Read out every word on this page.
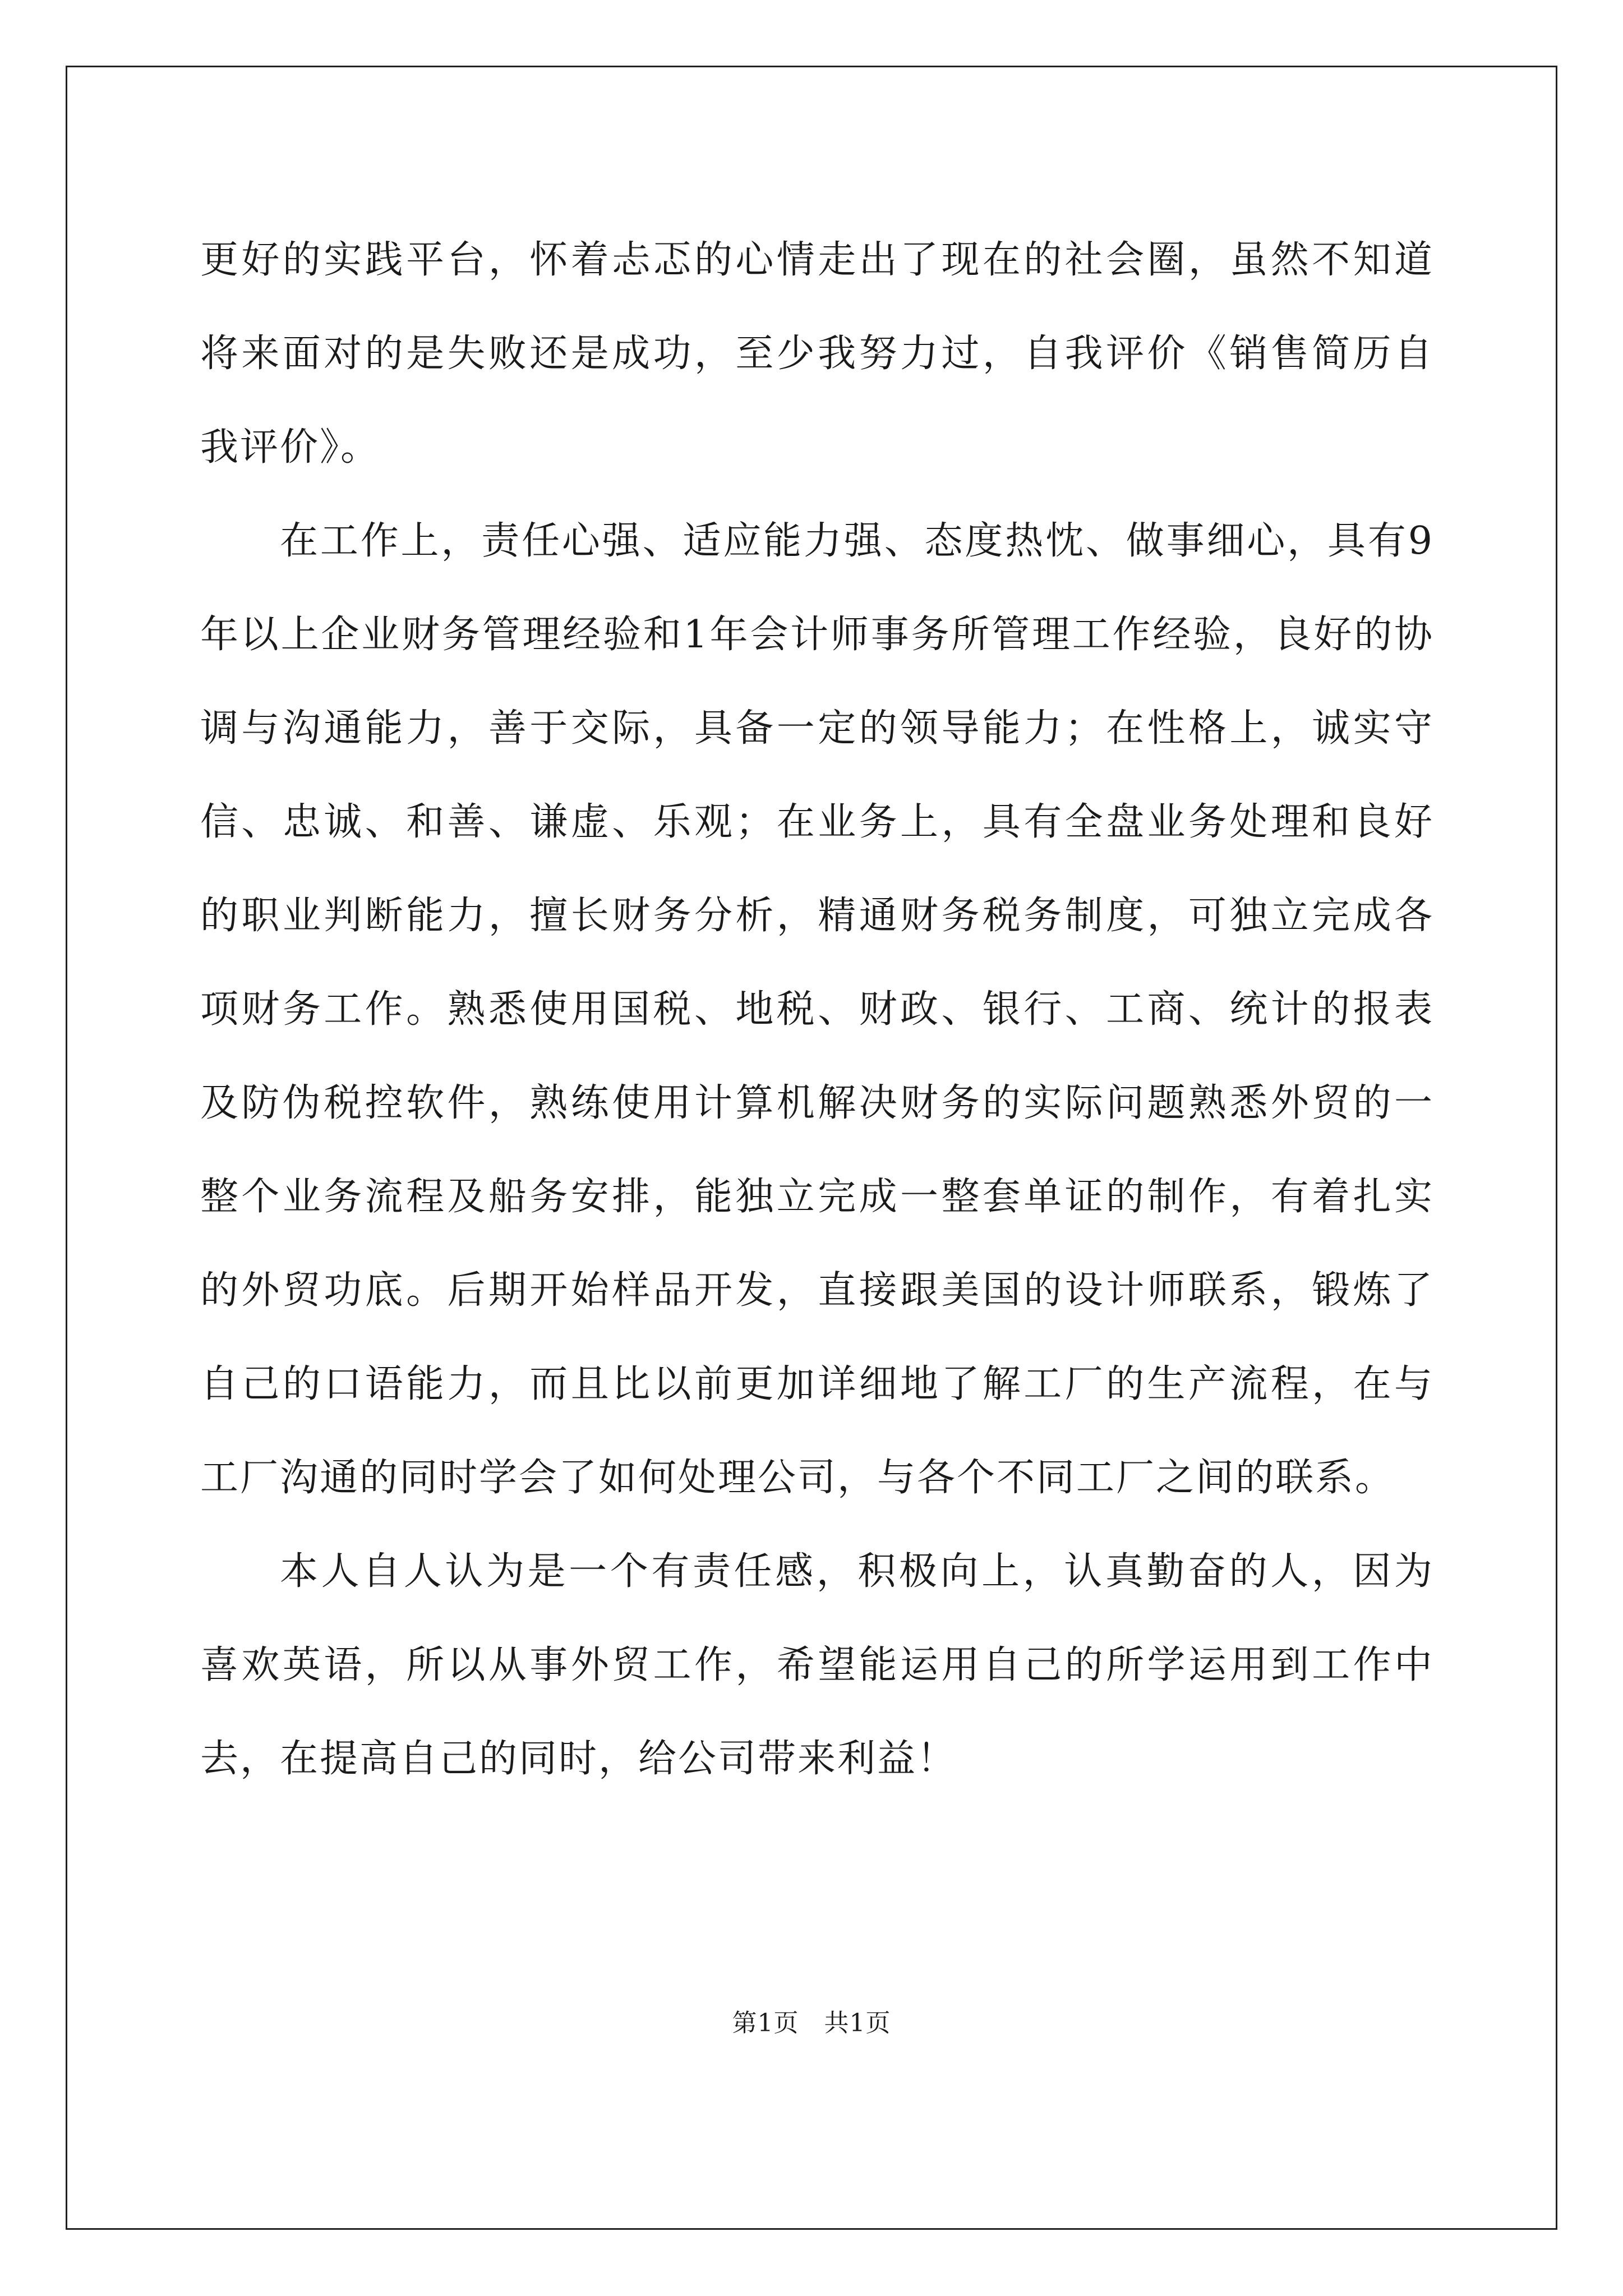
更好的实践平台，怀着忐忑的心情走出了现在的社会圈，虽然不知道将来面对的是失败还是成功，至少我努力过，自我评价《销售简历自我评价》。

在工作上，责任心强、适应能力强、态度热忱、做事细心，具有9年以上企业财务管理经验和1年会计师事务所管理工作经验，良好的协调与沟通能力，善于交际，具备一定的领导能力；在性格上，诚实守信、忠诚、和善、谦虚、乐观；在业务上，具有全盘业务处理和良好的职业判断能力，擅长财务分析，精通财务税务制度，可独立完成各项财务工作。熟悉使用国税、地税、财政、银行、工商、统计的报表及防伪税控软件，熟练使用计算机解决财务的实际问题熟悉外贸的一整个业务流程及船务安排，能独立完成一整套单证的制作，有着扎实的外贸功底。后期开始样品开发，直接跟美国的设计师联系，锻炼了自己的口语能力，而且比以前更加详细地了解工厂的生产流程，在与工厂沟通的同时学会了如何处理公司，与各个不同工厂之间的联系。

本人自人认为是一个有责任感，积极向上，认真勤奋的人，因为喜欢英语，所以从事外贸工作，希望能运用自己的所学运用到工作中去，在提高自己的同时，给公司带来利益！

第1页 共1页
